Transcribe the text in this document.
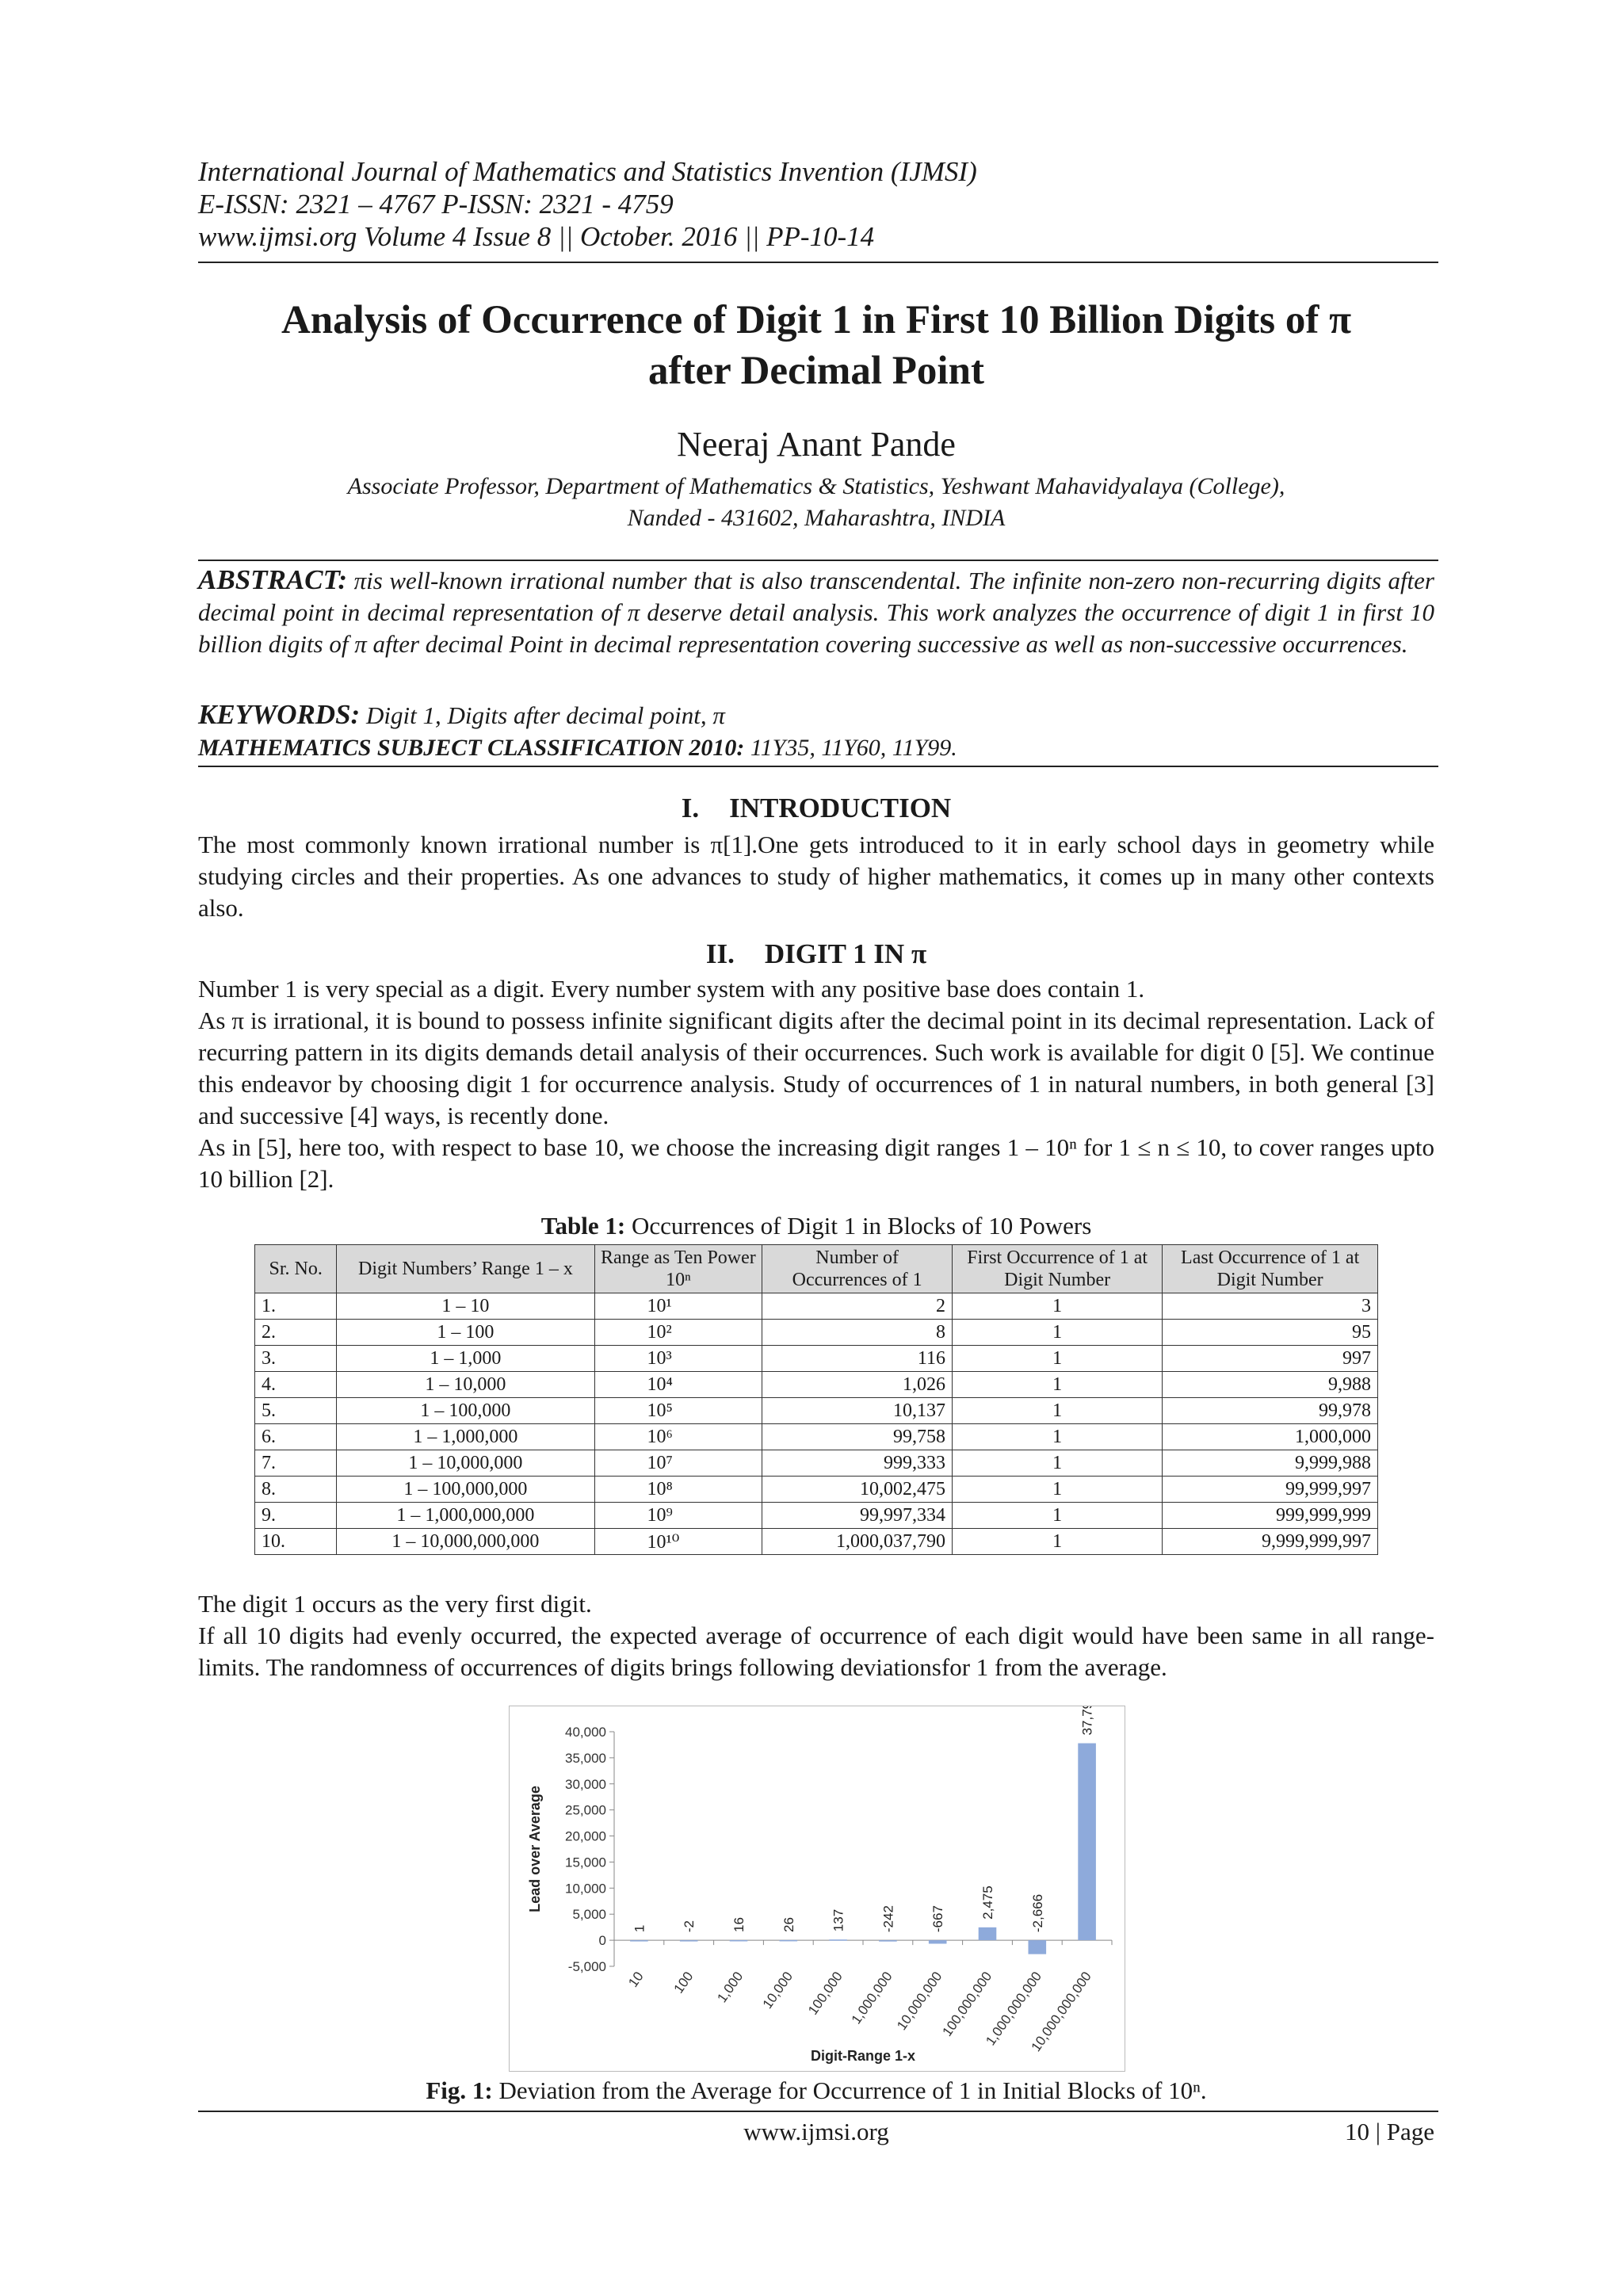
International Journal of Mathematics and Statistics Invention (IJMSI)
E-ISSN: 2321 – 4767 P-ISSN: 2321 - 4759
www.ijmsi.org Volume 4 Issue 8 || October. 2016 || PP-10-14
Analysis of Occurrence of Digit 1 in First 10 Billion Digits of π
after Decimal Point
Neeraj Anant Pande
Associate Professor, Department of Mathematics & Statistics, Yeshwant Mahavidyalaya (College),
Nanded - 431602, Maharashtra, INDIA
ABSTRACT: πis well-known irrational number that is also transcendental. The infinite non-zero non-recurring digits after decimal point in decimal representation of π deserve detail analysis. This work analyzes the occurrence of digit 1 in first 10 billion digits of π after decimal Point in decimal representation covering successive as well as non-successive occurrences.
KEYWORDS: Digit 1, Digits after decimal point, π
MATHEMATICS SUBJECT CLASSIFICATION 2010: 11Y35, 11Y60, 11Y99.
I. INTRODUCTION
The most commonly known irrational number is π[1].One gets introduced to it in early school days in geometry while studying circles and their properties. As one advances to study of higher mathematics, it comes up in many other contexts also.
II. DIGIT 1 IN π

Number 1 is very special as a digit. Every number system with any positive base does contain 1.

As π is irrational, it is bound to possess infinite significant digits after the decimal point in its decimal representation. Lack of recurring pattern in its digits demands detail analysis of their occurrences. Such work is available for digit 0 [5]. We continue this endeavor by choosing digit 1 for occurrence analysis. Study of occurrences of 1 in natural numbers, in both general [3] and successive [4] ways, is recently done.

As in [5], here too, with respect to base 10, we choose the increasing digit ranges 1 – 10ⁿ for 1 ≤ n ≤ 10, to cover ranges upto 10 billion [2].

Table 1: Occurrences of Digit 1 in Blocks of 10 Powers
Sr. No.	Digit Numbers’ Range 1 – x	Range as Ten Power 10ⁿ	Number of Occurrences of 1	First Occurrence of 1 at Digit Number	Last Occurrence of 1 at Digit Number
1.	1 – 10	10¹	2	1	3
2.	1 – 100	10²	8	1	95
3.	1 – 1,000	10³	116	1	997
4.	1 – 10,000	10⁴	1,026	1	9,988
5.	1 – 100,000	10⁵	10,137	1	99,978
6.	1 – 1,000,000	10⁶	99,758	1	1,000,000
7.	1 – 10,000,000	10⁷	999,333	1	9,999,988
8.	1 – 100,000,000	10⁸	10,002,475	1	99,999,997
9.	1 – 1,000,000,000	10⁹	99,997,334	1	999,999,999
10.	1 – 10,000,000,000	10¹⁰	1,000,037,790	1	9,999,999,997

The digit 1 occurs as the very first digit.

If all 10 digits had evenly occurred, the expected average of occurrence of each digit would have been same in all range-limits. The randomness of occurrences of digits brings following deviationsfor 1 from the average.

-5,000
0
5,000
10,000
15,000
20,000
25,000
30,000
35,000
40,000
1
10
-2
100
16
1,000
26
10,000
137
100,000
-242
1,000,000
-667
10,000,000
2,475
100,000,000
-2,666
1,000,000,000
37,790
10,000,000,000
Lead over Average
Digit-Range 1-x
Fig. 1: Deviation from the Average for Occurrence of 1 in Initial Blocks of 10ⁿ.
www.ijmsi.org	10 | Page
